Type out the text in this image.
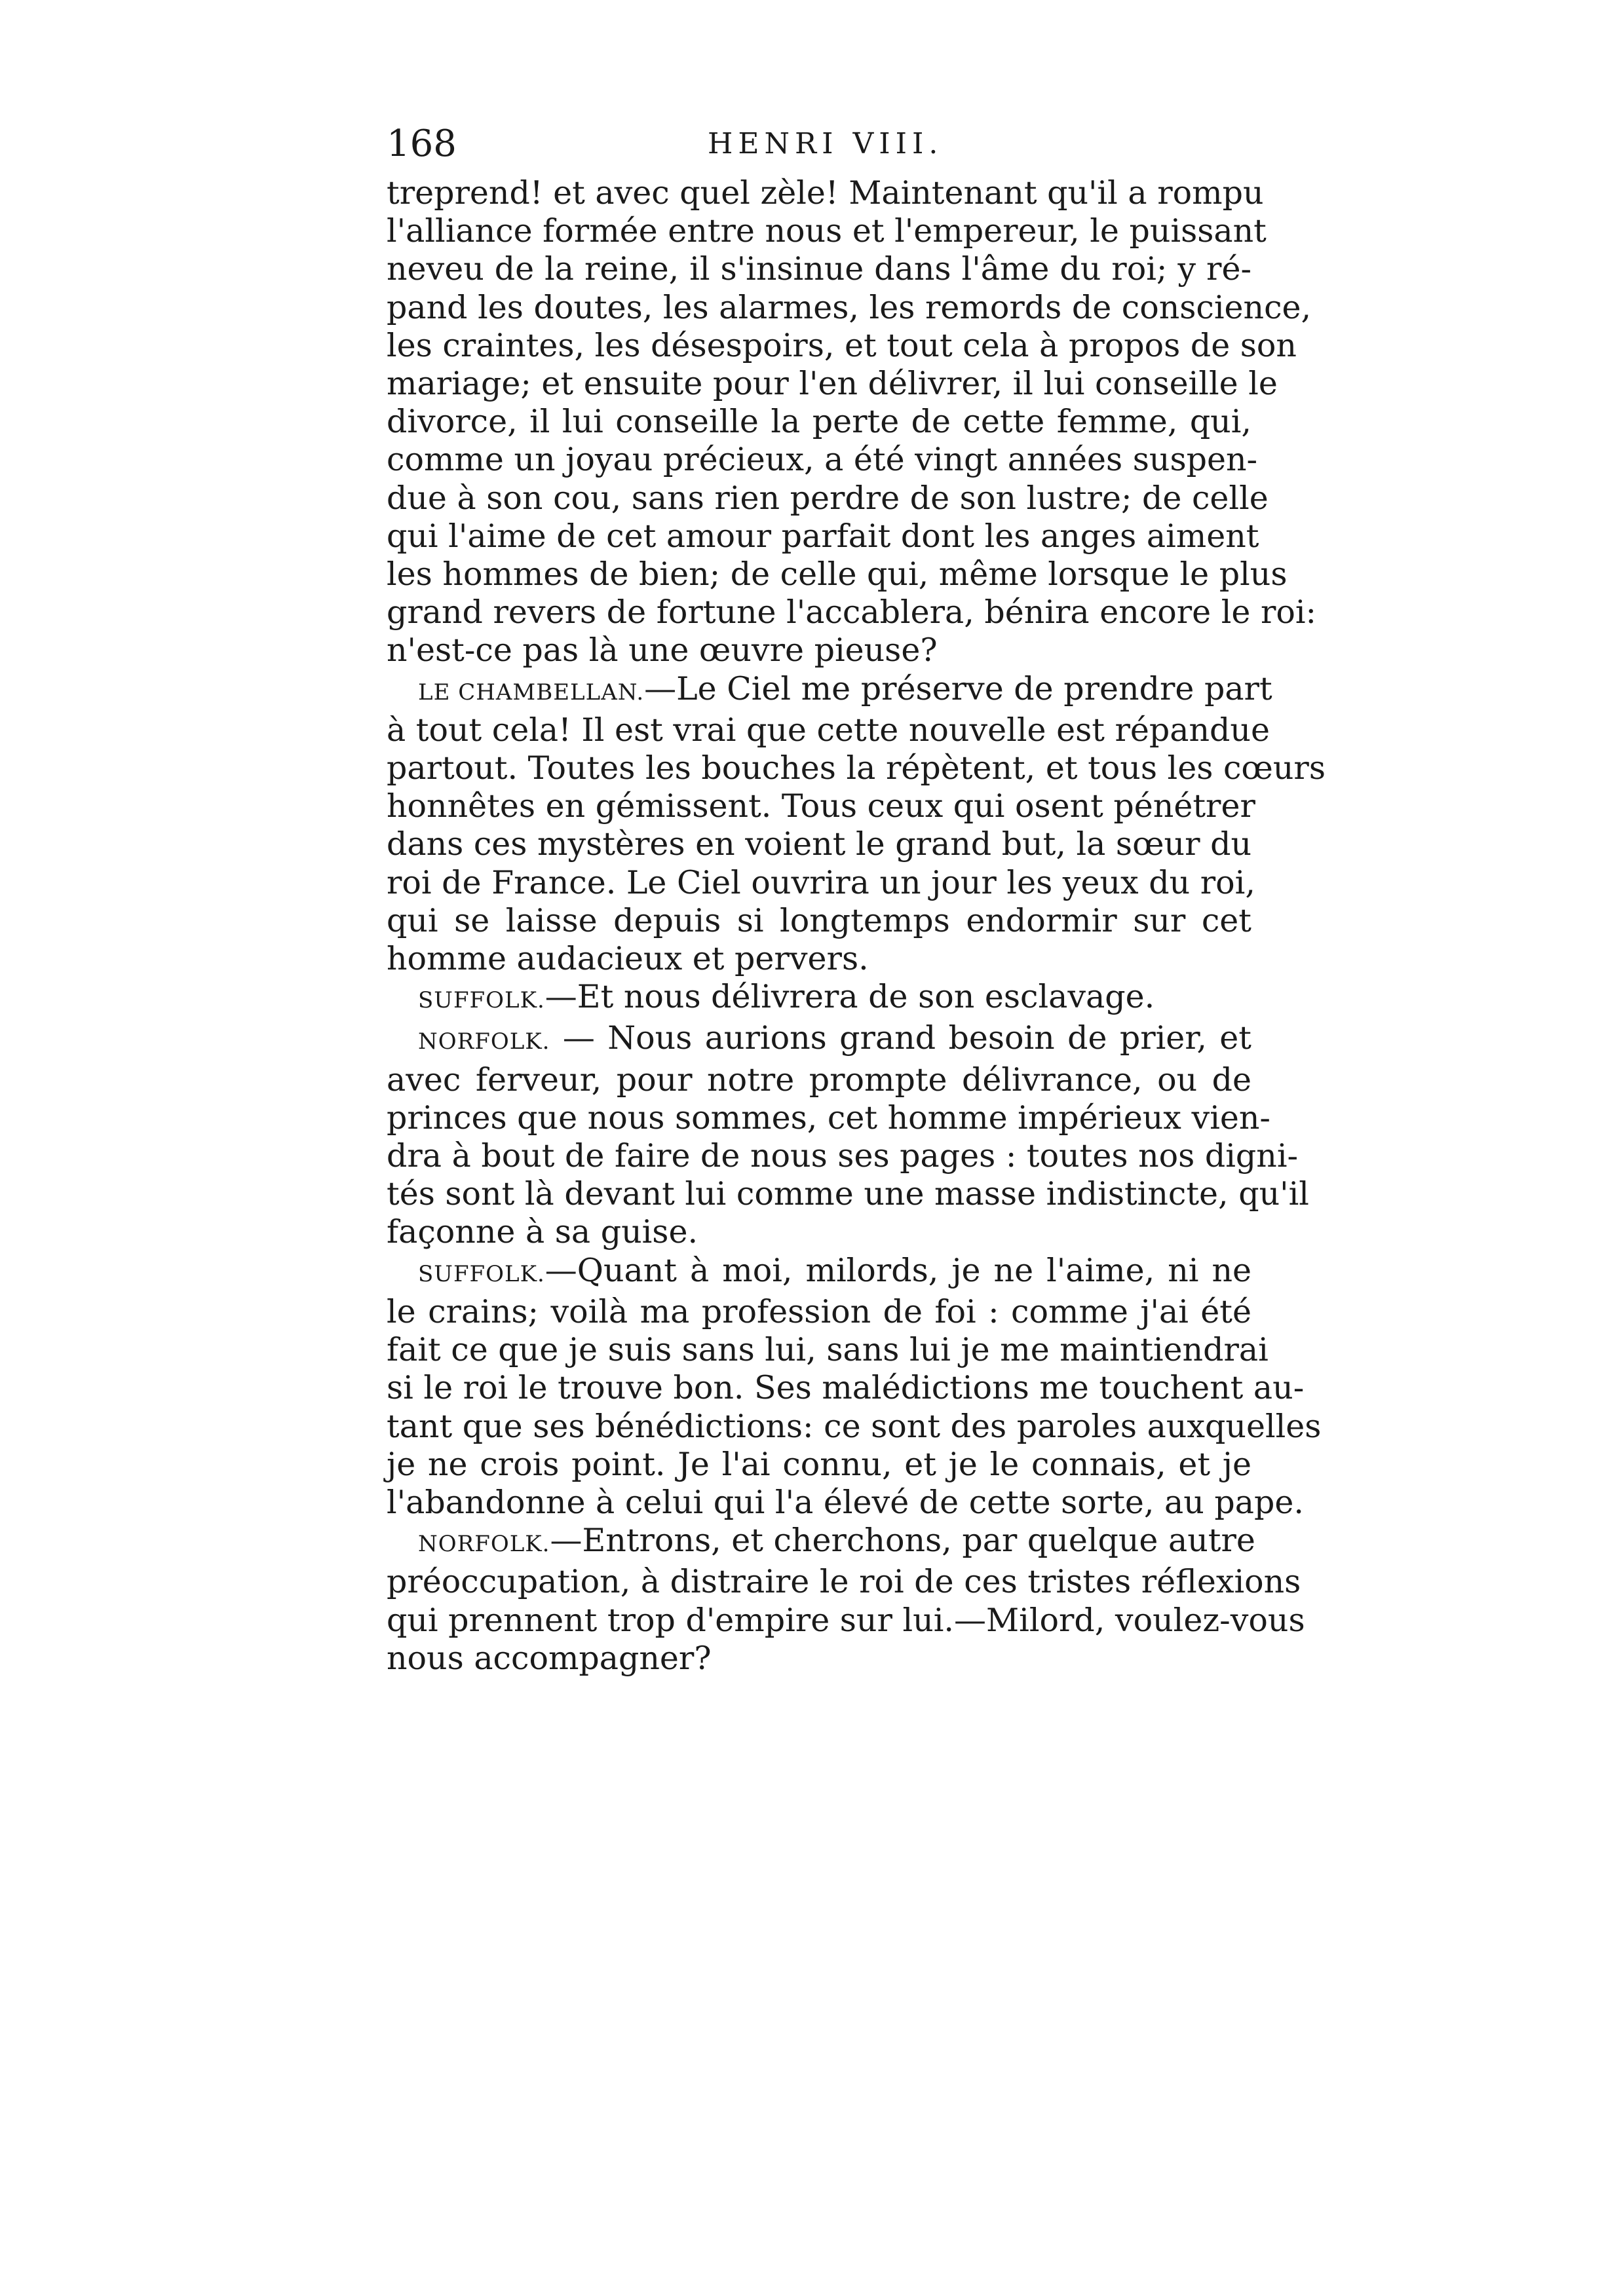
168	HENRI VIII.
treprend! et avec quel zèle! Maintenant qu'il a rompu
l'alliance formée entre nous et l'empereur, le puissant
neveu de la reine, il s'insinue dans l'âme du roi; y ré-
pand les doutes, les alarmes, les remords de conscience,
les craintes, les désespoirs, et tout cela à propos de son
mariage; et ensuite pour l'en délivrer, il lui conseille le
divorce, il lui conseille la perte de cette femme, qui,
comme un joyau précieux, a été vingt années suspen-
due à son cou, sans rien perdre de son lustre; de celle
qui l'aime de cet amour parfait dont les anges aiment
les hommes de bien; de celle qui, même lorsque le plus
grand revers de fortune l'accablera, bénira encore le roi:
n'est-ce pas là une œuvre pieuse?
LE CHAMBELLAN.—Le Ciel me préserve de prendre part
à tout cela! Il est vrai que cette nouvelle est répandue
partout. Toutes les bouches la répètent, et tous les cœurs
honnêtes en gémissent. Tous ceux qui osent pénétrer
dans ces mystères en voient le grand but, la sœur du
roi de France. Le Ciel ouvrira un jour les yeux du roi,
qui se laisse depuis si longtemps endormir sur cet
homme audacieux et pervers.
SUFFOLK.—Et nous délivrera de son esclavage.
NORFOLK. — Nous aurions grand besoin de prier, et
avec ferveur, pour notre prompte délivrance, ou de
princes que nous sommes, cet homme impérieux vien-
dra à bout de faire de nous ses pages : toutes nos digni-
tés sont là devant lui comme une masse indistincte, qu'il
façonne à sa guise.
SUFFOLK.—Quant à moi, milords, je ne l'aime, ni ne
le crains; voilà ma profession de foi : comme j'ai été
fait ce que je suis sans lui, sans lui je me maintiendrai
si le roi le trouve bon. Ses malédictions me touchent au-
tant que ses bénédictions: ce sont des paroles auxquelles
je ne crois point. Je l'ai connu, et je le connais, et je
l'abandonne à celui qui l'a élevé de cette sorte, au pape.
NORFOLK.—Entrons, et cherchons, par quelque autre
préoccupation, à distraire le roi de ces tristes réflexions
qui prennent trop d'empire sur lui.—Milord, voulez-vous
nous accompagner?
